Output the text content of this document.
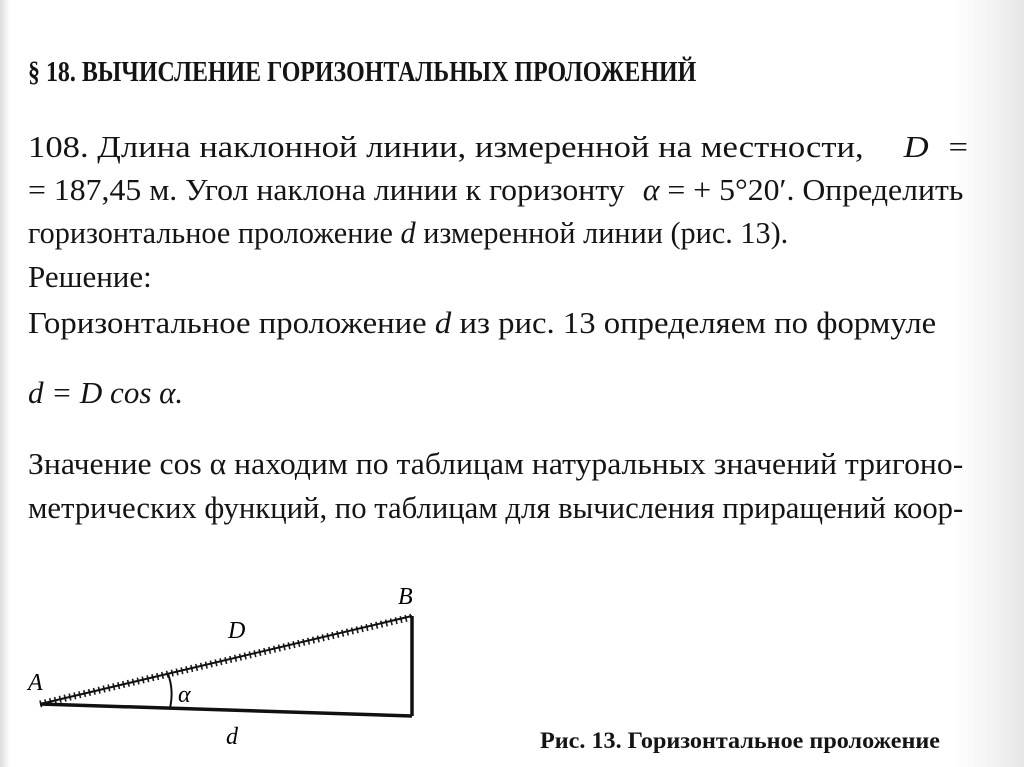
§ 18. ВЫЧИСЛЕНИЕ ГОРИЗОНТАЛЬНЫХ ПРОЛОЖЕНИЙ
108. Длина наклонной линии, измеренной на местности, D =
= 187,45 м. Угол наклона линии к горизонту α = + 5°20′. Определить
горизонтальное проложение d измеренной линии (рис. 13).
Решение:
Горизонтальное проложение d из рис. 13 определяем по формуле
d = D cos α.
Значение cos α находим по таблицам натуральных значений тригоно-
метрических функций, по таблицам для вычисления приращений коор-
A
B
D
d
α
Рис. 13. Горизонтальное проложение
